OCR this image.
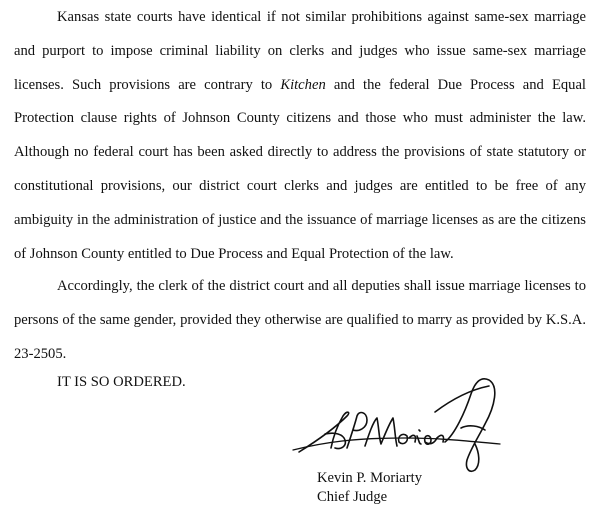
Kansas state courts have identical if not similar prohibitions against same-sex marriage and purport to impose criminal liability on clerks and judges who issue same-sex marriage licenses. Such provisions are contrary to Kitchen and the federal Due Process and Equal Protection clause rights of Johnson County citizens and those who must administer the law. Although no federal court has been asked directly to address the provisions of state statutory or constitutional provisions, our district court clerks and judges are entitled to be free of any ambiguity in the administration of justice and the issuance of marriage licenses as are the citizens of Johnson County entitled to Due Process and Equal Protection of the law.

Accordingly, the clerk of the district court and all deputies shall issue marriage licenses to persons of the same gender, provided they otherwise are qualified to marry as provided by K.S.A. 23-2505.

IT IS SO ORDERED.

Kevin P. Moriarty
Chief Judge
